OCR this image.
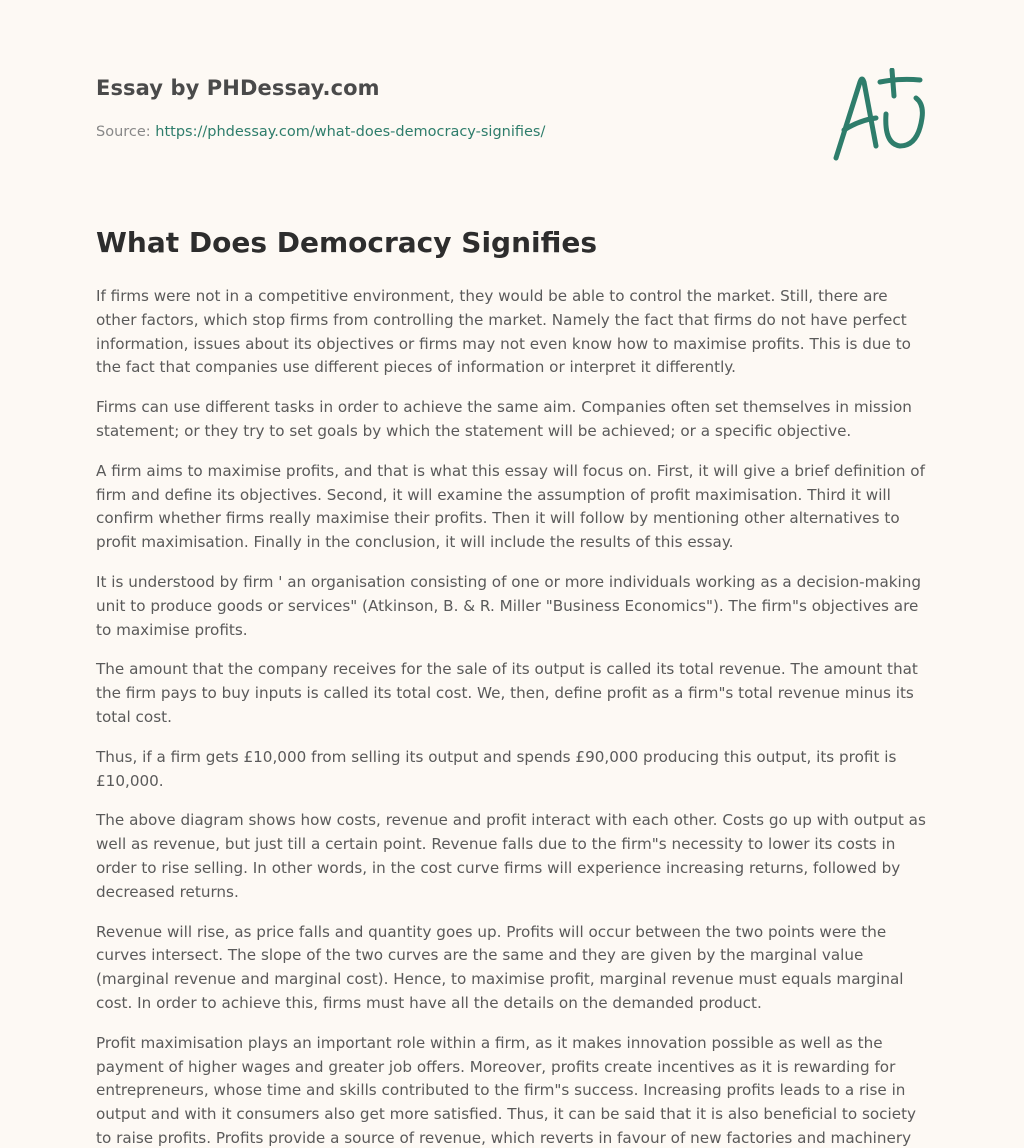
Essay by PHDessay.com

Source: https://phdessay.com/what-does-democracy-signifies/

What Does Democracy Signifies

If firms were not in a competitive environment, they would be able to control the market. Still, there are other factors, which stop firms from controlling the market. Namely the fact that firms do not have perfect information, issues about its objectives or firms may not even know how to maximise profits. This is due to the fact that companies use different pieces of information or interpret it differently.

Firms can use different tasks in order to achieve the same aim. Companies often set themselves in mission statement; or they try to set goals by which the statement will be achieved; or a specific objective.

A firm aims to maximise profits, and that is what this essay will focus on. First, it will give a brief definition of firm and define its objectives. Second, it will examine the assumption of profit maximisation. Third it will confirm whether firms really maximise their profits. Then it will follow by mentioning other alternatives to profit maximisation. Finally in the conclusion, it will include the results of this essay.

It is understood by firm ' an organisation consisting of one or more individuals working as a decision-making unit to produce goods or services" (Atkinson, B. & R. Miller "Business Economics"). The firm"s objectives are to maximise profits.

The amount that the company receives for the sale of its output is called its total revenue. The amount that the firm pays to buy inputs is called its total cost. We, then, define profit as a firm"s total revenue minus its total cost.

Thus, if a firm gets £10,000 from selling its output and spends £90,000 producing this output, its profit is £10,000.

The above diagram shows how costs, revenue and profit interact with each other. Costs go up with output as well as revenue, but just till a certain point. Revenue falls due to the firm"s necessity to lower its costs in order to rise selling. In other words, in the cost curve firms will experience increasing returns, followed by decreased returns.

Revenue will rise, as price falls and quantity goes up. Profits will occur between the two points were the curves intersect. The slope of the two curves are the same and they are given by the marginal value (marginal revenue and marginal cost). Hence, to maximise profit, marginal revenue must equals marginal cost. In order to achieve this, firms must have all the details on the demanded product.

Profit maximisation plays an important role within a firm, as it makes innovation possible as well as the payment of higher wages and greater job offers. Moreover, profits create incentives as it is rewarding for entrepreneurs, whose time and skills contributed to the firm"s success. Increasing profits leads to a rise in output and with it consumers also get more satisfied. Thus, it can be said that it is also beneficial to society to raise profits. Profits provide a source of revenue, which reverts in favour of new factories and machinery
